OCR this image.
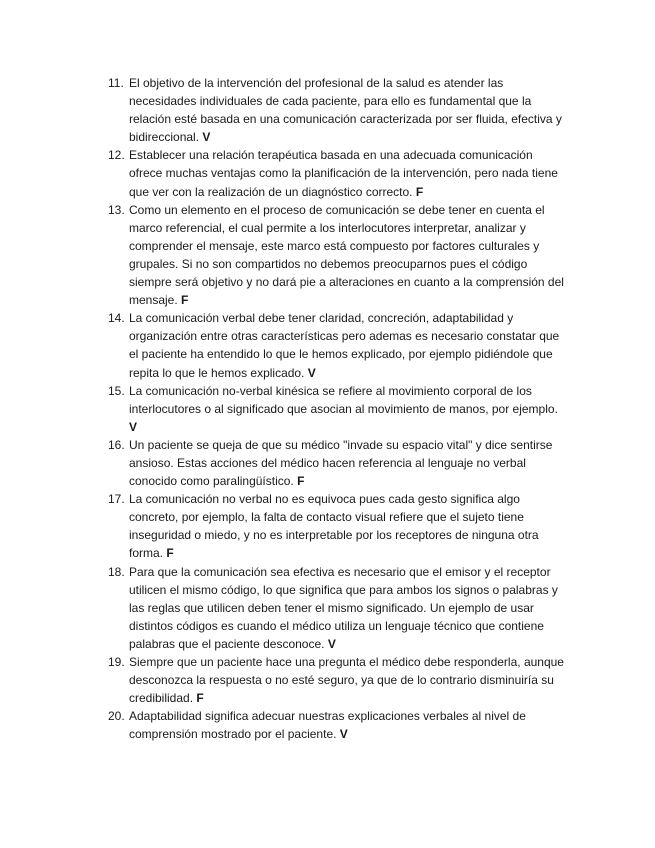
11. El objetivo de la intervención del profesional de la salud es atender las necesidades individuales de cada paciente, para ello es fundamental que la relación esté basada en una comunicación caracterizada por ser fluida, efectiva y bidireccional. V
12. Establecer una relación terapéutica basada en una adecuada comunicación ofrece muchas ventajas como la planificación de la intervención, pero nada tiene que ver con la realización de un diagnóstico correcto. F
13. Como un elemento en el proceso de comunicación se debe tener en cuenta el marco referencial, el cual permite a los interlocutores interpretar, analizar y comprender el mensaje, este marco está compuesto por factores culturales y grupales. Si no son compartidos no debemos preocuparnos pues el código siempre será objetivo y no dará pie a alteraciones en cuanto a la comprensión del mensaje. F
14. La comunicación verbal debe tener claridad, concreción, adaptabilidad y organización entre otras características pero ademas es necesario constatar que el paciente ha entendido lo que le hemos explicado, por ejemplo pidiéndole que repita lo que le hemos explicado. V
15. La comunicación no-verbal kinésica se refiere al movimiento corporal de los interlocutores o al significado que asocian al movimiento de manos, por ejemplo. V
16. Un paciente se queja de que su médico "invade su espacio vital" y dice sentirse ansioso. Estas acciones del médico hacen referencia al lenguaje no verbal conocido como paralingüístico. F
17. La comunicación no verbal no es equivoca pues cada gesto significa algo concreto, por ejemplo, la falta de contacto visual refiere que el sujeto tiene inseguridad o miedo, y no es interpretable por los receptores de ninguna otra forma. F
18. Para que la comunicación sea efectiva es necesario que el emisor y el receptor utilicen el mismo código, lo que significa que para ambos los signos o palabras y las reglas que utilicen deben tener el mismo significado. Un ejemplo de usar distintos códigos es cuando el médico utiliza un lenguaje técnico que contiene palabras que el paciente desconoce. V
19. Siempre que un paciente hace una pregunta el médico debe responderla, aunque desconozca la respuesta o no esté seguro, ya que de lo contrario disminuiría su credibilidad. F
20. Adaptabilidad significa adecuar nuestras explicaciones verbales al nivel de comprensión mostrado por el paciente. V
